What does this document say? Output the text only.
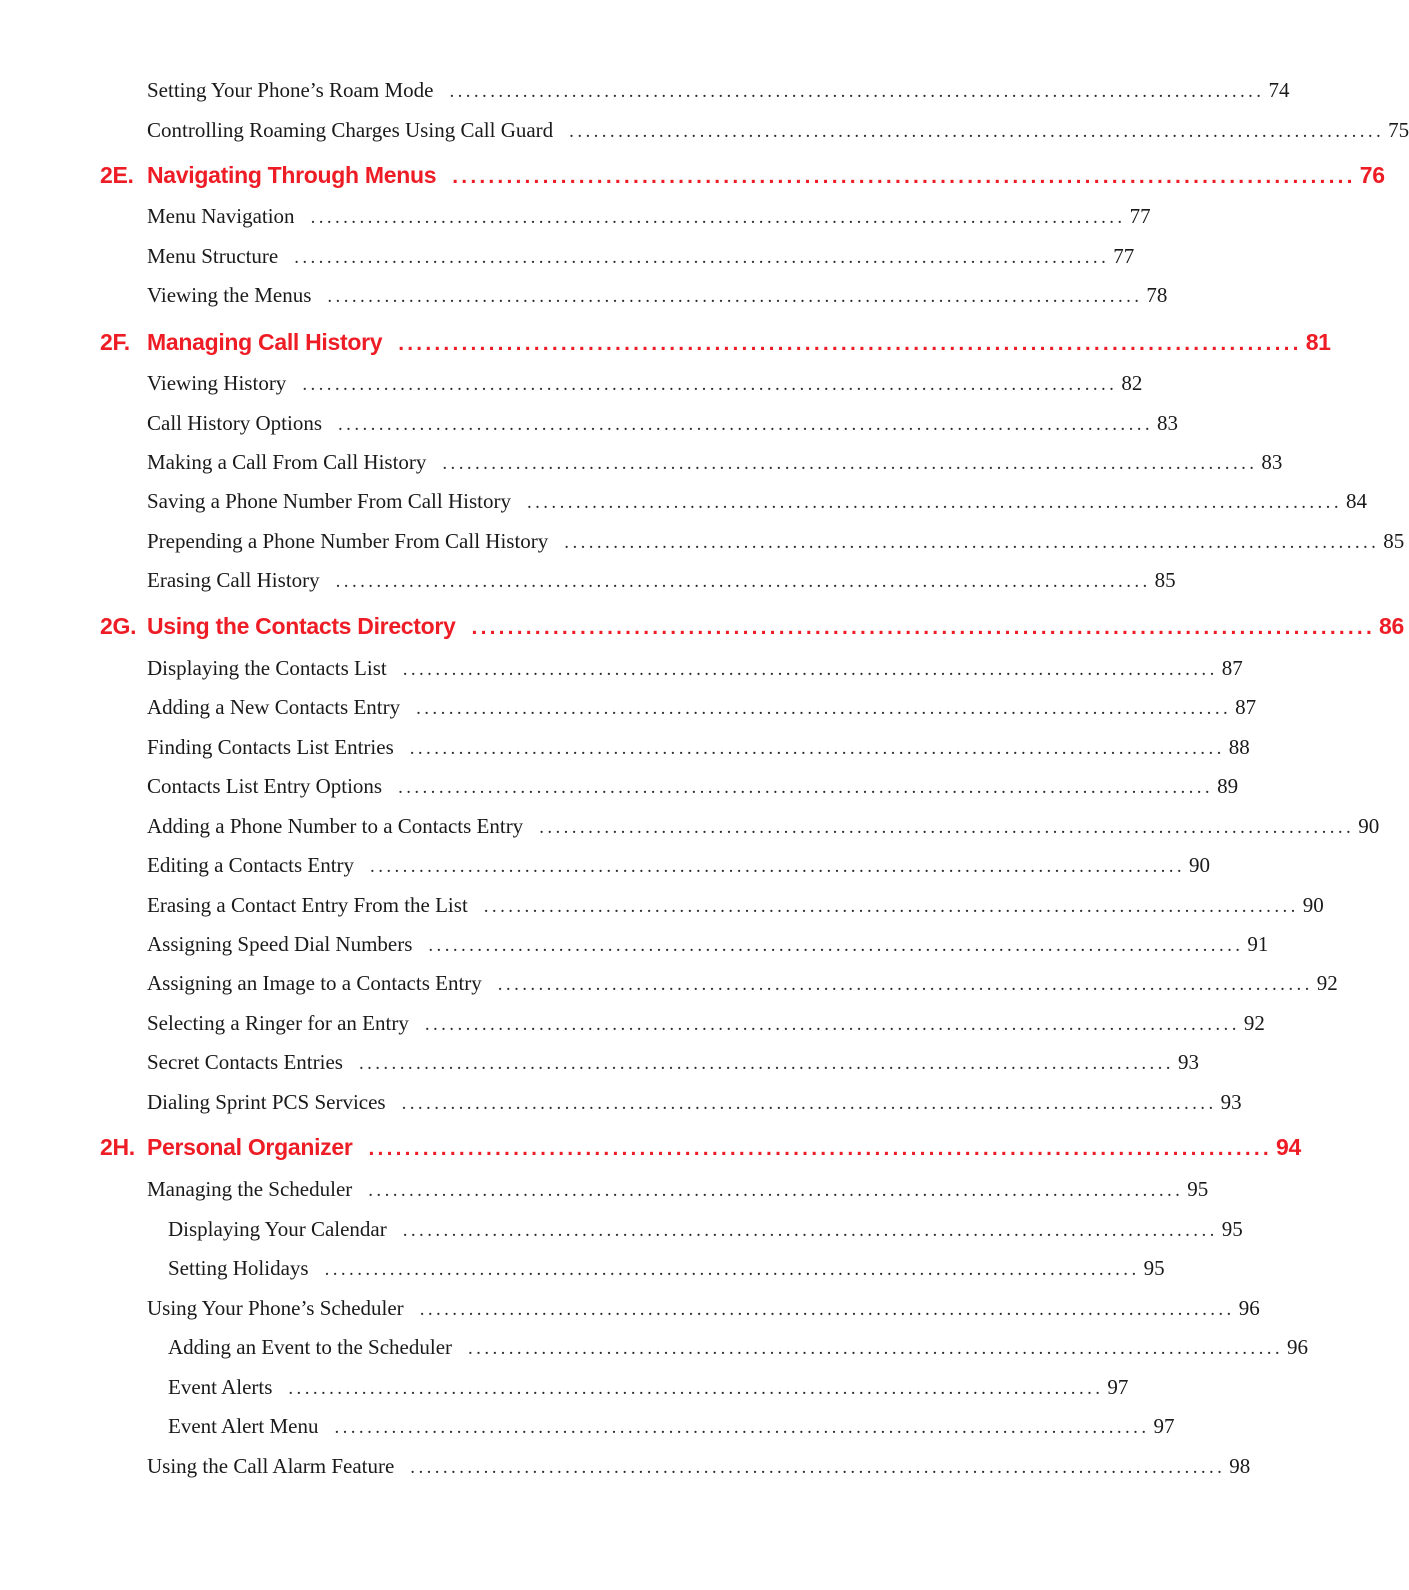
Setting Your Phone’s Roam Mode .................................................................................................... 74
Controlling Roaming Charges Using Call Guard .................................................................................................... 75
2E. Navigating Through Menus .................................................................................................... 76
Menu Navigation .................................................................................................... 77
Menu Structure .................................................................................................... 77
Viewing the Menus .................................................................................................... 78
2F. Managing Call History .................................................................................................... 81
Viewing History .................................................................................................... 82
Call History Options .................................................................................................... 83
Making a Call From Call History .................................................................................................... 83
Saving a Phone Number From Call History .................................................................................................... 84
Prepending a Phone Number From Call History .................................................................................................... 85
Erasing Call History .................................................................................................... 85
2G. Using the Contacts Directory .................................................................................................... 86
Displaying the Contacts List .................................................................................................... 87
Adding a New Contacts Entry .................................................................................................... 87
Finding Contacts List Entries .................................................................................................... 88
Contacts List Entry Options .................................................................................................... 89
Adding a Phone Number to a Contacts Entry .................................................................................................... 90
Editing a Contacts Entry .................................................................................................... 90
Erasing a Contact Entry From the List .................................................................................................... 90
Assigning Speed Dial Numbers .................................................................................................... 91
Assigning an Image to a Contacts Entry .................................................................................................... 92
Selecting a Ringer for an Entry .................................................................................................... 92
Secret Contacts Entries .................................................................................................... 93
Dialing Sprint PCS Services .................................................................................................... 93
2H. Personal Organizer .................................................................................................... 94
Managing the Scheduler .................................................................................................... 95
Displaying Your Calendar .................................................................................................... 95
Setting Holidays .................................................................................................... 95
Using Your Phone’s Scheduler .................................................................................................... 96
Adding an Event to the Scheduler .................................................................................................... 96
Event Alerts .................................................................................................... 97
Event Alert Menu .................................................................................................... 97
Using the Call Alarm Feature .................................................................................................... 98
